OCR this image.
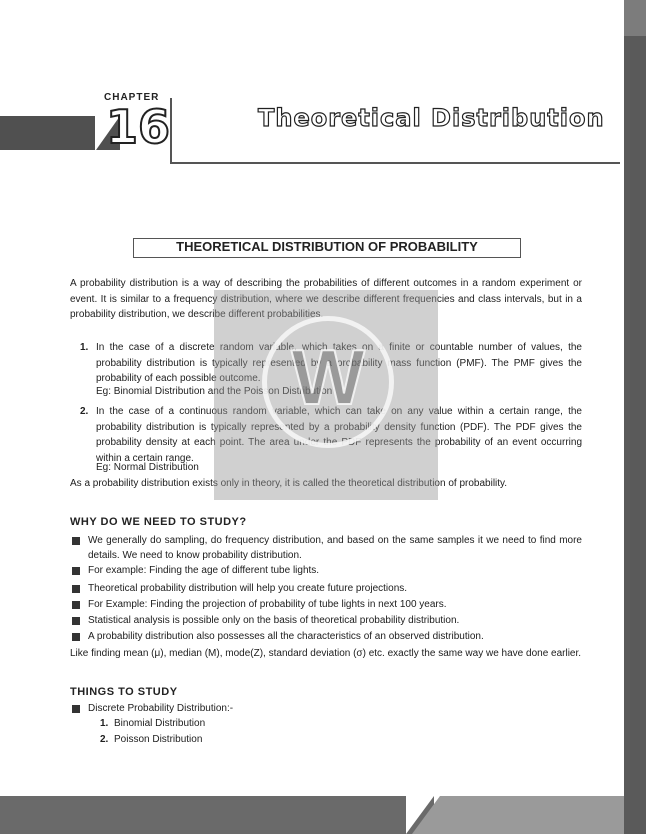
CHAPTER
16	Theoretical Distribution
THEORETICAL DISTRIBUTION OF PROBABILITY
A probability distribution is a way of describing the probabilities of different outcomes in a random experiment or event. It is similar to a frequency distribution, where we describe different frequencies and class intervals, but in a probability distribution, we describe different probabilities.
1. In the case of a discrete random variable, which takes on a finite or countable number of values, the probability distribution is typically represented by a probability mass function (PMF). The PMF gives the probability of each possible outcome.
Eg: Binomial Distribution and the Poisson Distribution
2. In the case of a continuous random variable, which can take on any value within a certain range, the probability distribution is typically represented by a probability density function (PDF). The PDF gives the probability density at each point. The area under the PDF represents the probability of an event occurring within a certain range.
Eg: Normal Distribution
As a probability distribution exists only in theory, it is called the theoretical distribution of probability.
WHY DO WE NEED TO STUDY?
We generally do sampling, do frequency distribution, and based on the same samples it we need to find more details. We need to know probability distribution.
For example: Finding the age of different tube lights.
Theoretical probability distribution will help you create future projections.
For Example: Finding the projection of probability of tube lights in next 100 years.
Statistical analysis is possible only on the basis of theoretical probability distribution.
A probability distribution also possesses all the characteristics of an observed distribution.
Like finding mean (μ), median (M), mode(Z), standard deviation (σ) etc. exactly the same way we have done earlier.
THINGS TO STUDY
Discrete Probability Distribution:-
1. Binomial Distribution
2. Poisson Distribution
W
